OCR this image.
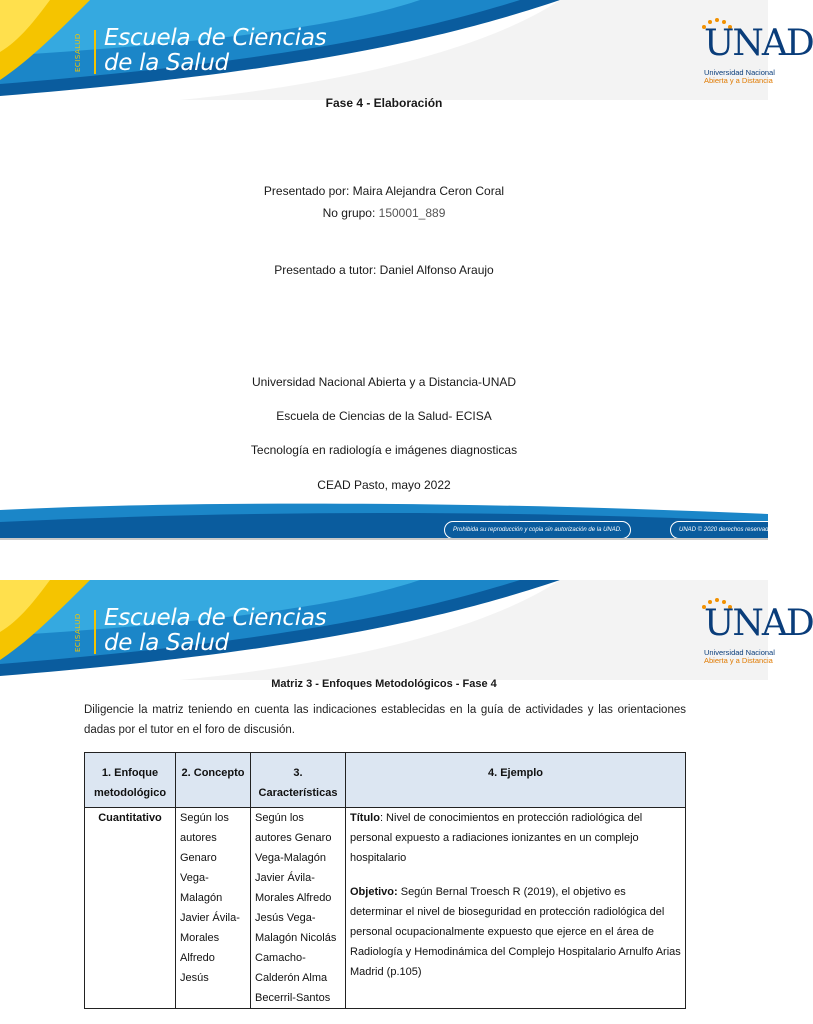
ECISALUD Escuela de Ciencias
de la Salud	UNAD
Universidad Nacional
Abierta y a Distancia
Fase 4 - Elaboración
Presentado por: Maira Alejandra Ceron Coral
No grupo: 150001_889
Presentado a tutor: Daniel Alfonso Araujo
Universidad Nacional Abierta y a Distancia-UNAD
Escuela de Ciencias de la Salud- ECISA
Tecnología en radiología e imágenes diagnosticas
CEAD Pasto, mayo 2022
Prohibida su reproducción y copia sin autorización de la UNAD.	UNAD © 2020 derechos reservados
ECISALUD Escuela de Ciencias
de la Salud	UNAD
Universidad Nacional
Abierta y a Distancia
Matriz 3 - Enfoques Metodológicos - Fase 4
Diligencie la matriz teniendo en cuenta las indicaciones establecidas en la guía de actividades y las orientaciones dadas por el tutor en el foro de discusión.
1. Enfoque metodológico	2. Concepto	3. Características	4. Ejemplo
Cuantitativo	Según los autores Genaro Vega-Malagón Javier Ávila-Morales Alfredo Jesús	Según los autores Genaro Vega-Malagón Javier Ávila-Morales Alfredo Jesús Vega-Malagón Nicolás Camacho-Calderón Alma Becerril-Santos	Título: Nivel de conocimientos en protección radiológica del personal expuesto a radiaciones ionizantes en un complejo hospitalario

Objetivo: Según Bernal Troesch R (2019), el objetivo es determinar el nivel de bioseguridad en protección radiológica del personal ocupacionalmente expuesto que ejerce en el área de Radiología y Hemodinámica del Complejo Hospitalario Arnulfo Arias Madrid (p.105)
